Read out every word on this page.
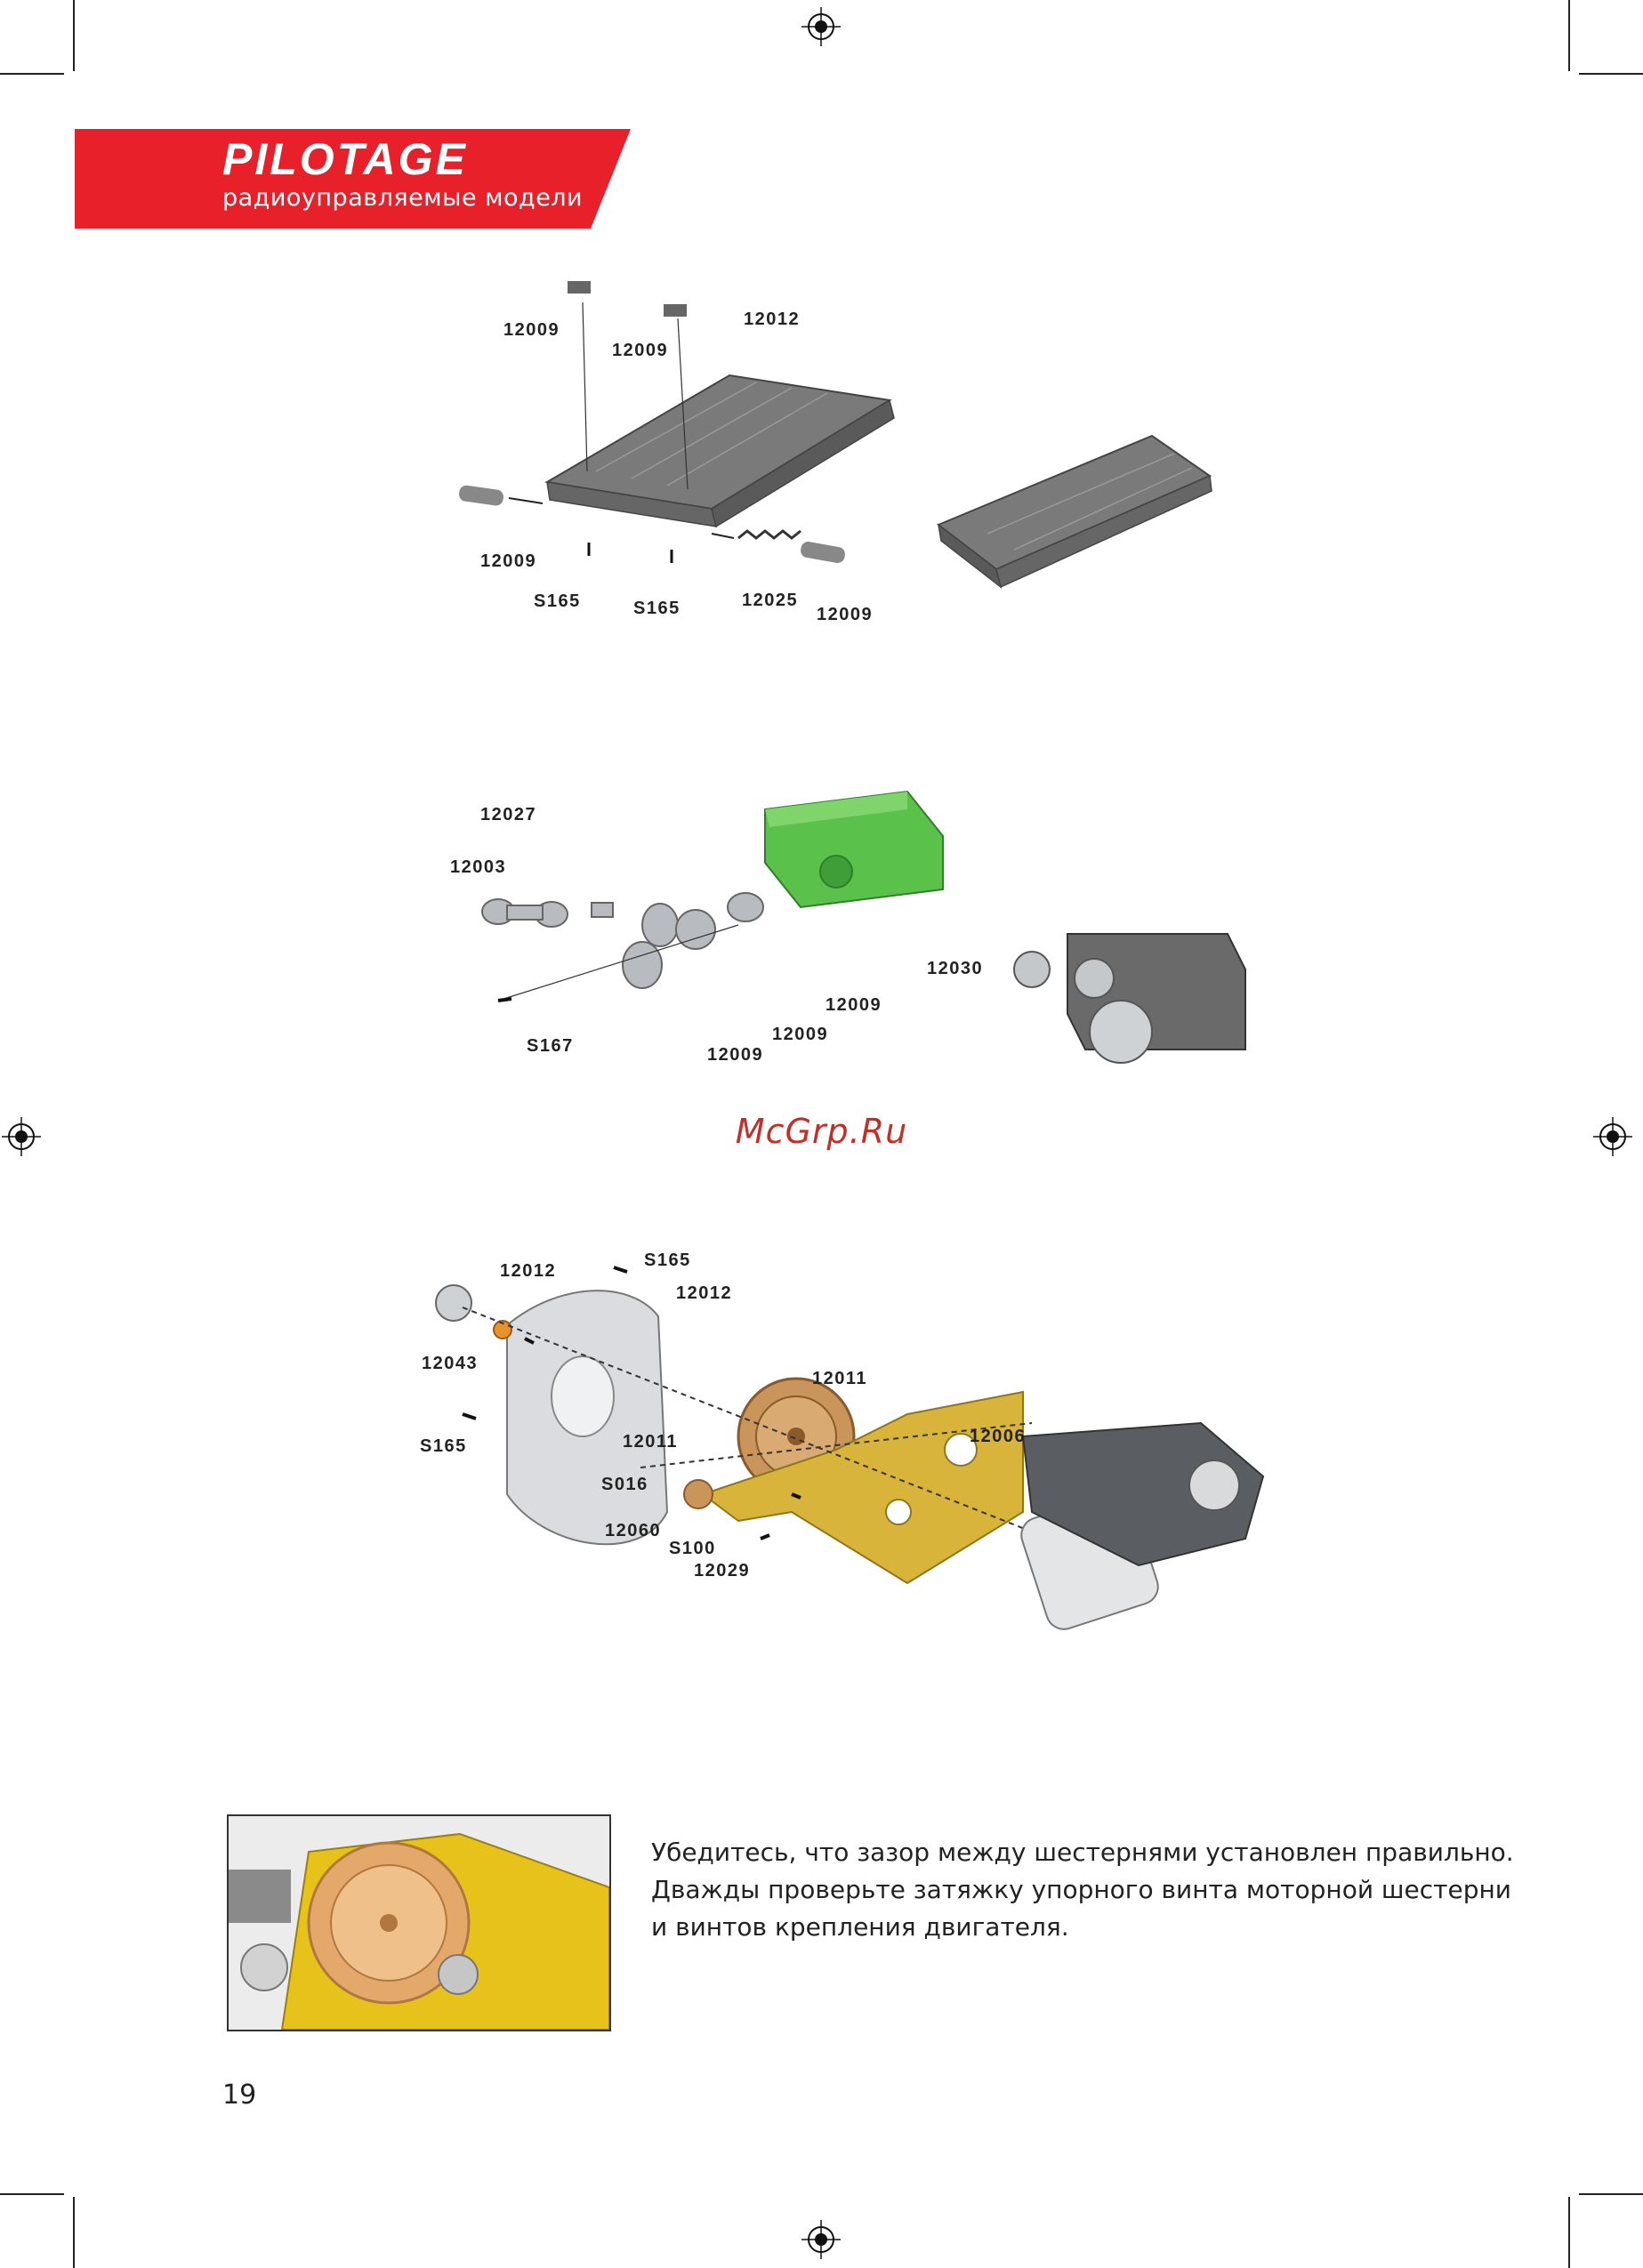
PILOTAGE
радиоуправляемые модели
12009
12009
12012
12009
S165	S165	12025
12009
12027
12003
12030
12009
12009
12009
S167
McGrp.Ru
12012
S165
12012
12043
12011
S165	12011	12006
S016
12060
S100
12029
Убедитесь, что зазор между шестернями установлен правильно.
Дважды проверьте затяжку упорного винта моторной шестерни
и винтов крепления двигателя.
19
